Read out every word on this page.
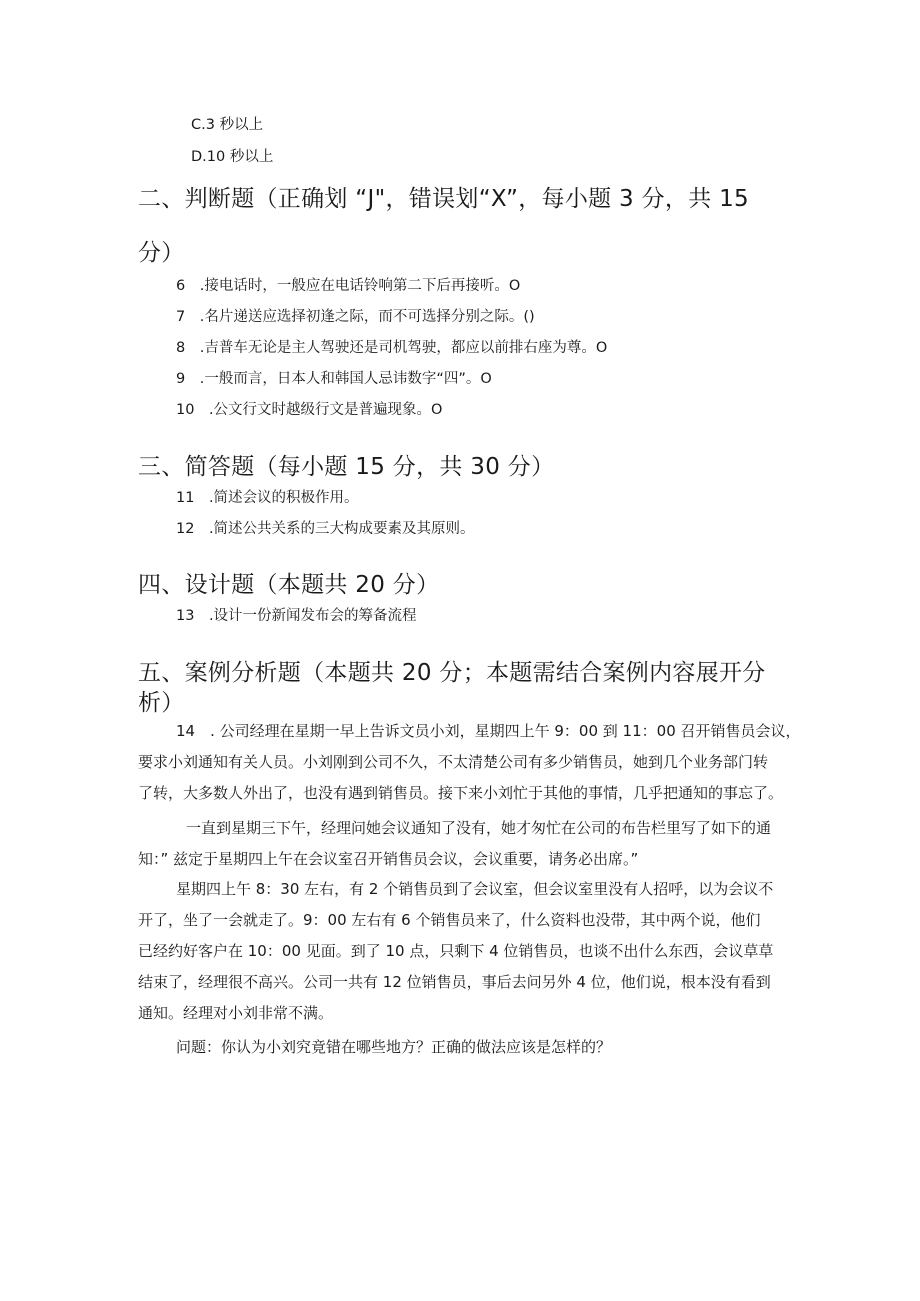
C.3 秒以上

D.10 秒以上

二、判断题（正确划 “J"，错误划“X”，每小题 3 分，共 15
分）

6　.接电话时，一般应在电话铃响第二下后再接听。O

7　.名片递送应选择初逢之际，而不可选择分别之际。()

8　.吉普车无论是主人驾驶还是司机驾驶，都应以前排右座为尊。O

9　.一般而言，日本人和韩国人忌讳数字“四”。O

10　.公文行文时越级行文是普遍现象。O

三、简答题（每小题 15 分，共 30 分）

11　.简述会议的积极作用。

12　.简述公共关系的三大构成要素及其原则。

四、设计题（本题共 20 分）

13　.设计一份新闻发布会的筹备流程

五、案例分析题（本题共 20 分；本题需结合案例内容展开分
析）

14　. 公司经理在星期一早上告诉文员小刘，星期四上午 9：00 到 11：00 召开销售员会议，

要求小刘通知有关人员。小刘刚到公司不久，不太清楚公司有多少销售员，她到几个业务部门转

了转，大多数人外出了，也没有遇到销售员。接下来小刘忙于其他的事情，几乎把通知的事忘了。

一直到星期三下午，经理问她会议通知了没有，她才匆忙在公司的布告栏里写了如下的通

知：” 兹定于星期四上午在会议室召开销售员会议，会议重要，请务必出席。”

星期四上午 8：30 左右，有 2 个销售员到了会议室，但会议室里没有人招呼，以为会议不

开了，坐了一会就走了。9：00 左右有 6 个销售员来了，什么资料也没带，其中两个说，他们

已经约好客户在 10：00 见面。到了 10 点，只剩下 4 位销售员，也谈不出什么东西，会议草草

结束了，经理很不高兴。公司一共有 12 位销售员，事后去问另外 4 位，他们说，根本没有看到

通知。经理对小刘非常不满。

问题：你认为小刘究竟错在哪些地方？正确的做法应该是怎样的？
